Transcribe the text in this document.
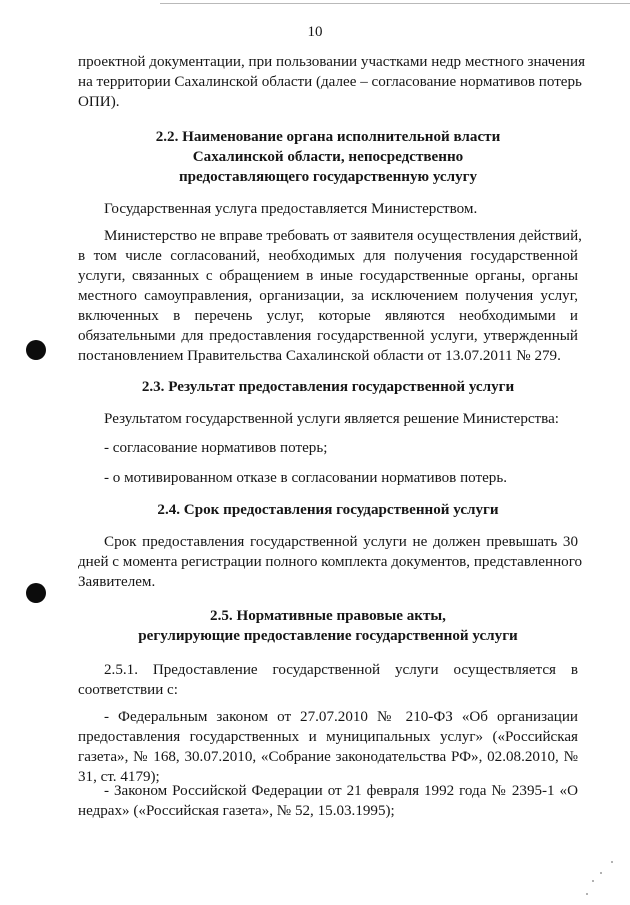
10
проектной документации, при пользовании участками недр местного значения
на территории Сахалинской области (далее – согласование нормативов потерь
ОПИ).
2.2. Наименование органа исполнительной власти
Сахалинской области, непосредственно
предоставляющего государственную услугу
Государственная услуга предоставляется Министерством.
Министерство не вправе требовать от заявителя осуществления действий,
в том числе согласований, необходимых для получения государственной
услуги, связанных с обращением в иные государственные органы, органы
местного самоуправления, организации, за исключением получения услуг,
включенных в перечень услуг, которые являются необходимыми и
обязательными для предоставления государственной услуги, утвержденный
постановлением Правительства Сахалинской области от 13.07.2011 № 279.
2.3. Результат предоставления государственной услуги
Результатом государственной услуги является решение Министерства:
- согласование нормативов потерь;
- о мотивированном отказе в согласовании нормативов потерь.
2.4. Срок предоставления государственной услуги
Срок предоставления государственной услуги не должен превышать 30
дней с момента регистрации полного комплекта документов, представленного
Заявителем.
2.5. Нормативные правовые акты,
регулирующие предоставление государственной услуги
2.5.1. Предоставление государственной услуги осуществляется в
соответствии с:
- Федеральным законом от 27.07.2010 № 210-ФЗ «Об организации
предоставления государственных и муниципальных услуг» («Российская
газета», № 168, 30.07.2010, «Собрание законодательства РФ», 02.08.2010, №
31, ст. 4179);
- Законом Российской Федерации от 21 февраля 1992 года № 2395-1 «О
недрах» («Российская газета», № 52, 15.03.1995);
